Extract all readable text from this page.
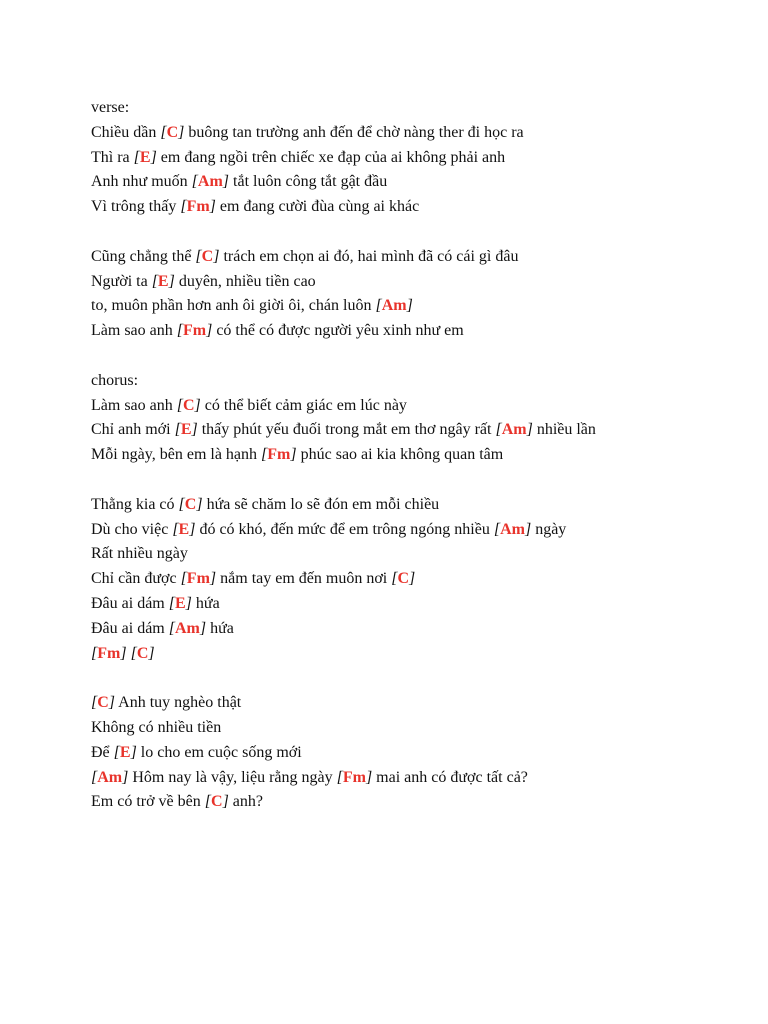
verse:
Chiều dần [C] buông tan trường anh đến để chờ nàng ther đi học ra
Thì ra [E] em đang ngồi trên chiếc xe đạp của ai không phải anh
Anh như muốn [Am] tắt luôn công tắt gật đầu
Vì trông thấy [Fm] em đang cười đùa cùng ai khác
Cũng chẳng thể [C] trách em chọn ai đó, hai mình đã có cái gì đâu
Người ta [E] duyên, nhiều tiền cao
to, muôn phần hơn anh ôi giời ôi, chán luôn [Am]
Làm sao anh [Fm] có thể có được người yêu xinh như em
chorus:
Làm sao anh [C] có thể biết cảm giác em lúc này
Chỉ anh mới [E] thấy phút yếu đuối trong mắt em thơ ngây rất [Am] nhiều lần
Mỗi ngày, bên em là hạnh [Fm] phúc sao ai kia không quan tâm
Thằng kia có [C] hứa sẽ chăm lo sẽ đón em mỗi chiều
Dù cho việc [E] đó có khó, đến mức để em trông ngóng nhiều [Am] ngày
Rất nhiều ngày
Chỉ cần được [Fm] nắm tay em đến muôn nơi [C]
Đâu ai dám [E] hứa
Đâu ai dám [Am] hứa
[Fm] [C]
[C] Anh tuy nghèo thật
Không có nhiều tiền
Để [E] lo cho em cuộc sống mới
[Am] Hôm nay là vậy, liệu rằng ngày [Fm] mai anh có được tất cả?
Em có trở về bên [C] anh?
